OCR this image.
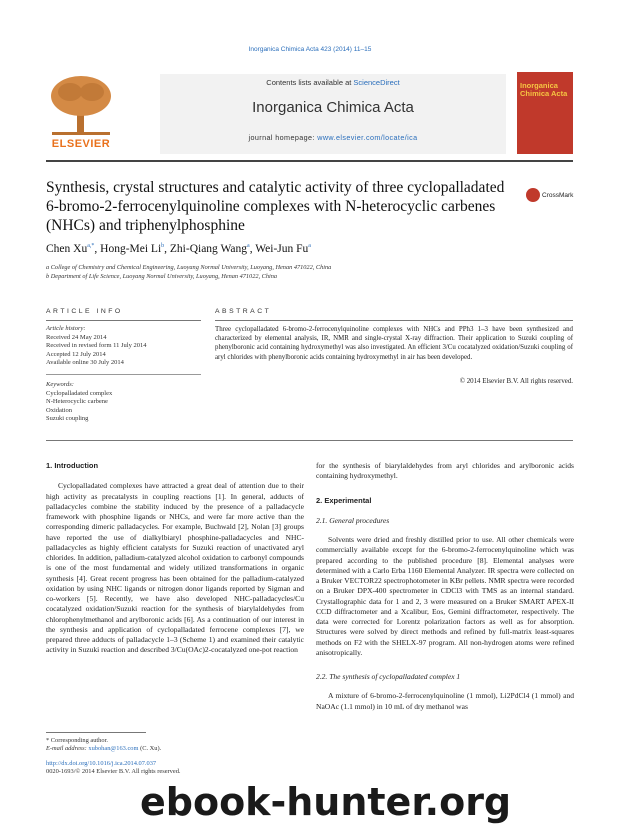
Inorganica Chimica Acta 423 (2014) 11–15
ELSEVIER
Contents lists available at ScienceDirect
Inorganica Chimica Acta
journal homepage: www.elsevier.com/locate/ica
Inorganica Chimica Acta
Synthesis, crystal structures and catalytic activity of three cyclopalladated 6-bromo-2-ferrocenylquinoline complexes with N-heterocyclic carbenes (NHCs) and triphenylphosphine
CrossMark
Chen $Xu^{a,*}$, Hong-Mei Li$^b$, Zhi-Qiang Wang$^a$, Wei-Jun Fu$^a$
a College of Chemistry and Chemical Engineering, Luoyang Normal University, Luoyang, Henan 471022, China
b Department of Life Science, Luoyang Normal University, Luoyang, Henan 471022, China
ARTICLE INFO	ABSTRACT
Article history:
Received 24 May 2014
Received in revised form 11 July 2014
Accepted 12 July 2014
Available online 30 July 2014
Keywords:
Cyclopalladated complex
N-Heterocyclic carbene
Oxidation
Suzuki coupling
Three cyclopalladated 6-bromo-2-ferrocenylquinoline complexes with NHCs and PPh3 1–3 have been synthesized and characterized by elemental analysis, IR, NMR and single-crystal X-ray diffraction. Their application to Suzuki coupling of phenylboronic acid containing hydroxymethyl was also investigated. An efficient 3/Cu cocatalyzed oxidation/Suzuki coupling of aryl chlorides with phenylboronic acids containing hydroxymethyl in air has been developed.
© 2014 Elsevier B.V. All rights reserved.
1. Introduction

Cyclopalladated complexes have attracted a great deal of attention due to their high activity as precatalysts in coupling reactions [1]. In general, adducts of palladacycles combine the stability induced by the presence of a palladacycle framework with phosphine ligands or NHCs, and were far more active than the corresponding dimeric palladacycles. For example, Buchwald [2], Nolan [3] groups have reported the use of dialkylbiaryl phosphine-palladacycles and NHC-palladacycles as highly efficient catalysts for Suzuki reaction of unactivated aryl chlorides. In addition, palladium-catalyzed alcohol oxidation to carbonyl compounds is one of the most fundamental and widely utilized transformations in organic synthesis [4]. Great recent progress has been obtained for the palladium-catalyzed oxidation by using NHC ligands or nitrogen donor ligands reported by Sigman and co-workers [5]. Recently, we have also developed NHC-palladacycles/Cu cocatalyzed oxidation/Suzuki reaction for the synthesis of biarylaldehydes from chlorophenylmethanol and arylboronic acids [6]. As a continuation of our interest in the synthesis and application of cyclopalladated ferrocene complexes [7], we prepared three adducts of palladacycle 1–3 (Scheme 1) and examined their catalytic activity in Suzuki reaction and described 3/Cu(OAc)2-cocatalyzed one-pot reaction

for the synthesis of biarylaldehydes from aryl chlorides and arylboronic acids containing hydroxymethyl.

2. Experimental
2.1. General procedures

Solvents were dried and freshly distilled prior to use. All other chemicals were commercially available except for the 6-bromo-2-ferrocenylquinoline which was prepared according to the published procedure [8]. Elemental analyses were determined with a Carlo Erba 1160 Elemental Analyzer. IR spectra were collected on a Bruker VECTOR22 spectrophotometer in KBr pellets. NMR spectra were recorded on a Bruker DPX-400 spectrometer in CDCl3 with TMS as an internal standard. Crystallographic data for 1 and 2, 3 were measured on a Bruker SMART APEX-II CCD diffractometer and a Xcalibur, Eos, Gemini diffractometer, respectively. The data were corrected for Lorentz polarization factors as well as for absorption. Structures were solved by direct methods and refined by full-matrix least-squares methods on F2 with the SHELX-97 program. All non-hydrogen atoms were refined anisotropically.

2.2. The synthesis of cyclopalladated complex 1

A mixture of 6-bromo-2-ferrocenylquinoline (1 mmol), Li2PdCl4 (1 mmol) and NaOAc (1.1 mmol) in 10 mL of dry methanol was

* Corresponding author.
E-mail address: xubohan@163.com (C. Xu).
http://dx.doi.org/10.1016/j.ica.2014.07.037
0020-1693/© 2014 Elsevier B.V. All rights reserved.
ebook-hunter.org
